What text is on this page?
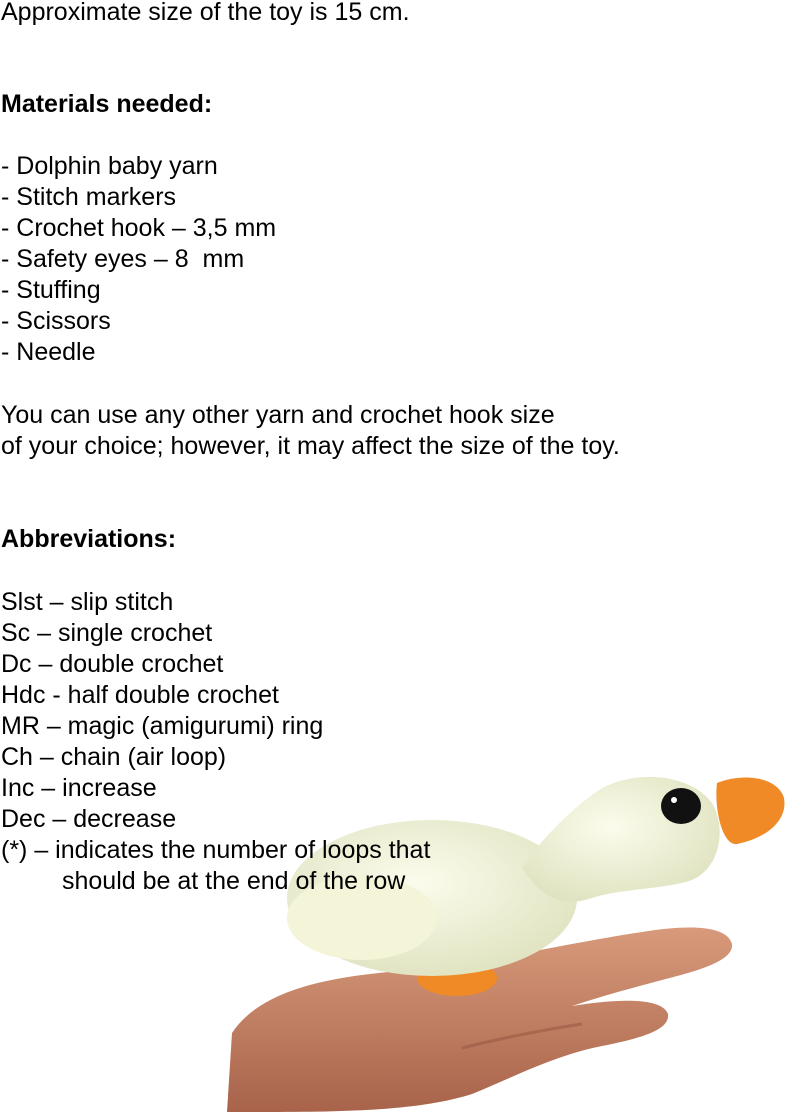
Approximate size of the toy is 15 cm.
Materials needed:
- Dolphin baby yarn
- Stitch markers
- Crochet hook – 3,5 mm
- Safety eyes – 8  mm
- Stuffing
- Scissors
- Needle
You can use any other yarn and crochet hook size
of your choice; however, it may affect the size of the toy.
Abbreviations:
Slst – slip stitch
Sc – single crochet
Dc – double crochet
Hdc - half double crochet
MR – magic (amigurumi) ring
Ch – chain (air loop)
Inc – increase
Dec – decrease
(*) – indicates the number of loops that
should be at the end of the row
